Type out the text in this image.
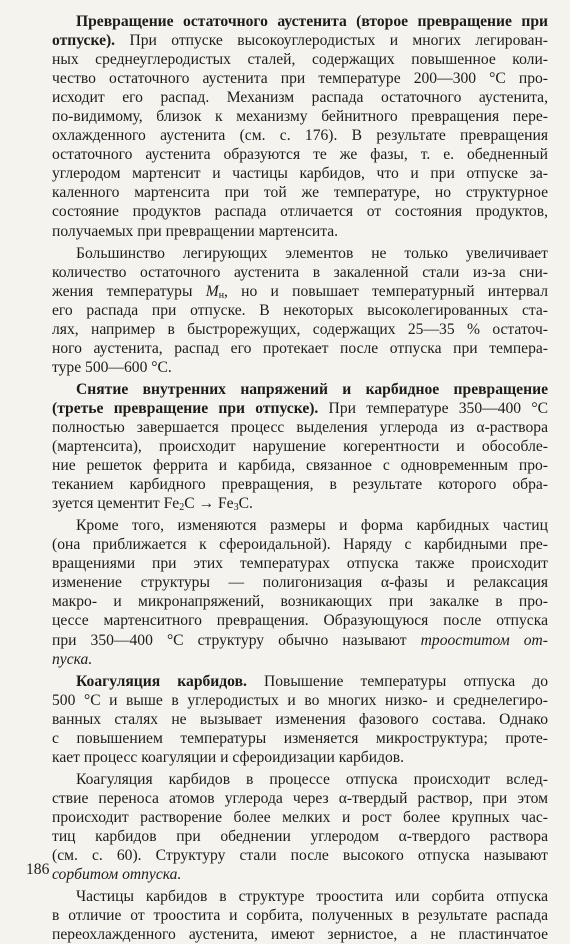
Превращение остаточного аустенита (второе превращение при
отпуске). При отпуске высокоуглеродистых и многих легирован-
ных среднеуглеродистых сталей, содержащих повышенное коли-
чество остаточного аустенита при температуре 200—300 °С про-
исходит его распад. Механизм распада остаточного аустенита,
по-видимому, близок к механизму бейнитного превращения пере-
охлажденного аустенита (см. с. 176). В результате превращения
остаточного аустенита образуются те же фазы, т. е. обедненный
углеродом мартенсит и частицы карбидов, что и при отпуске за-
каленного мартенсита при той же температуре, но структурное
состояние продуктов распада отличается от состояния продуктов,
получаемых при превращении мартенсита.
Большинство легирующих элементов не только увеличивает
количество остаточного аустенита в закаленной стали из-за сни-
жения температуры $М_н$, но и повышает температурный интервал
его распада при отпуске. В некоторых высоколегированных ста-
лях, например в быстрорежущих, содержащих 25—35 % остаточ-
ного аустенита, распад его протекает после отпуска при темпера-
туре 500—600 °С.
Снятие внутренних напряжений и карбидное превращение
(третье превращение при отпуске). При температуре 350—400 °С
полностью завершается процесс выделения углерода из α-раствора
(мартенсита), происходит нарушение когерентности и обособле-
ние решеток феррита и карбида, связанное с одновременным про-
теканием карбидного превращения, в результате которого обра-
зуется цементит $Fe_2C \to Fe_3C$.
Кроме того, изменяются размеры и форма карбидных частиц
(она приближается к сфероидальной). Наряду с карбидными пре-
вращениями при этих температурах отпуска также происходит
изменение структуры — полигонизация α-фазы и релаксация
макро- и микронапряжений, возникающих при закалке в про-
цессе мартенситного превращения. Образующуюся после отпуска
при 350—400 °С структуру обычно называют трооститом от-
пуска.
Коагуляция карбидов. Повышение температуры отпуска до
500 °С и выше в углеродистых и во многих низко- и среднелегиро-
ванных сталях не вызывает изменения фазового состава. Однако
с повышением температуры изменяется микроструктура; проте-
кает процесс коагуляции и сфероидизации карбидов.
Коагуляция карбидов в процессе отпуска происходит вслед-
ствие переноса атомов углерода через α-твердый раствор, при этом
происходит растворение более мелких и рост более крупных час-
тиц карбидов при обеднении углеродом α-твердого раствора
(см. с. 60). Структуру стали после высокого отпуска называют
сорбитом отпуска.
Частицы карбидов в структуре троостита или сорбита отпуска
в отличие от троостита и сорбита, полученных в результате распада
переохлажденного аустенита, имеют зернистое, а не пластинчатое
186
